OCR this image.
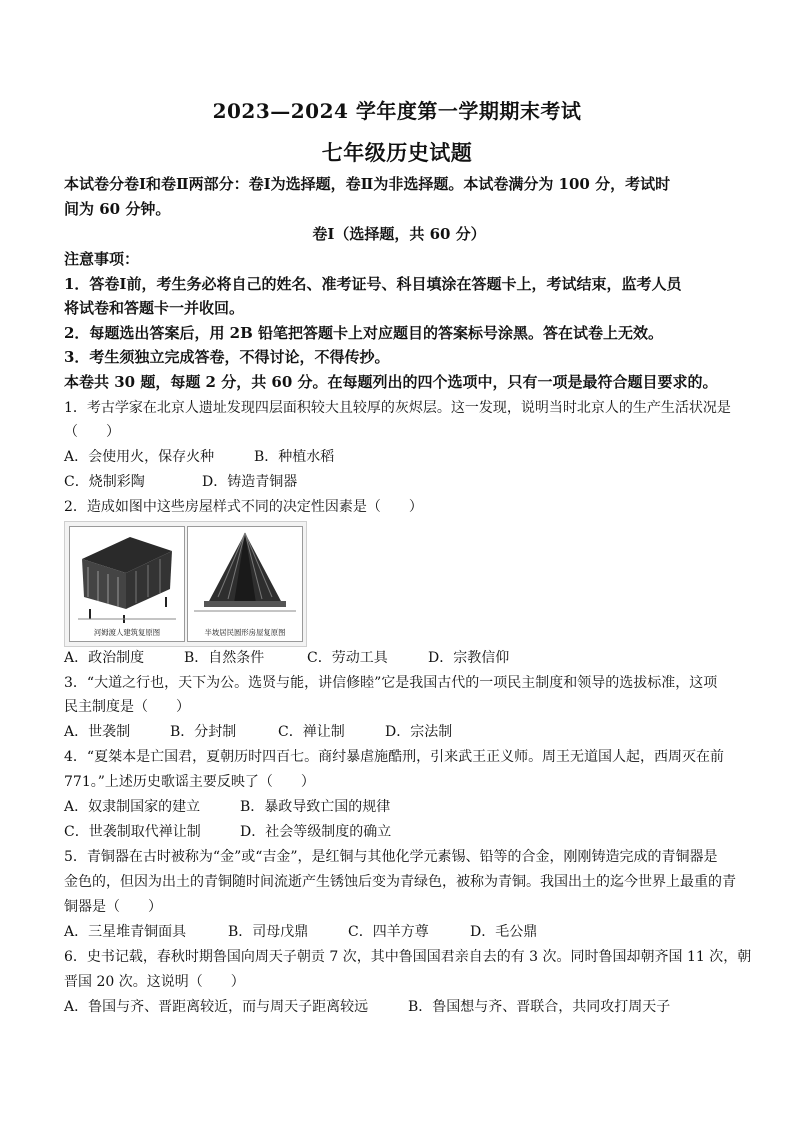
2023—2024 学年度第一学期期末考试
七年级历史试题
本试卷分卷Ⅰ和卷Ⅱ两部分：卷Ⅰ为选择题，卷Ⅱ为非选择题。本试卷满分为 100 分，考试时
间为 60 分钟。
卷Ⅰ（选择题，共 60 分）
注意事项：
1．答卷Ⅰ前，考生务必将自己的姓名、准考证号、科目填涂在答题卡上，考试结束，监考人员
将试卷和答题卡一并收回。
2．每题选出答案后，用 2B 铅笔把答题卡上对应题目的答案标号涂黑。答在试卷上无效。
3．考生须独立完成答卷，不得讨论，不得传抄。
本卷共 30 题，每题 2 分，共 60 分。在每题列出的四个选项中，只有一项是最符合题目要求的。
1．考古学家在北京人遗址发现四层面积较大且较厚的灰烬层。这一发现，说明当时北京人的生产生活状况是
（　　）
A．会使用火，保存火种	B．种植水稻
C．烧制彩陶	D．铸造青铜器
2．造成如图中这些房屋样式不同的决定性因素是（　　）
河姆渡人建筑复原图	半坡居民圆形房屋复原图
A．政治制度	B．自然条件	C．劳动工具	D．宗教信仰
3．“大道之行也，天下为公。选贤与能，讲信修睦”它是我国古代的一项民主制度和领导的选拔标准，这项
民主制度是（　　）
A．世袭制	B．分封制	C．禅让制	D．宗法制
4．“夏桀本是亡国君，夏朝历时四百七。商纣暴虐施酷刑，引来武王正义师。周王无道国人起，西周灭在前
771。”上述历史歌谣主要反映了（　　）
A．奴隶制国家的建立	B．暴政导致亡国的规律
C．世袭制取代禅让制	D．社会等级制度的确立
5．青铜器在古时被称为“金”或“吉金”，是红铜与其他化学元素锡、铅等的合金，刚刚铸造完成的青铜器是
金色的，但因为出土的青铜随时间流逝产生锈蚀后变为青绿色，被称为青铜。我国出土的迄今世界上最重的青
铜器是（　　）
A．三星堆青铜面具	B．司母戊鼎	C．四羊方尊	D．毛公鼎
6．史书记载，春秋时期鲁国向周天子朝贡 7 次，其中鲁国国君亲自去的有 3 次。同时鲁国却朝齐国 11 次，朝
晋国 20 次。这说明（　　）
A．鲁国与齐、晋距离较近，而与周天子距离较远	B．鲁国想与齐、晋联合，共同攻打周天子
